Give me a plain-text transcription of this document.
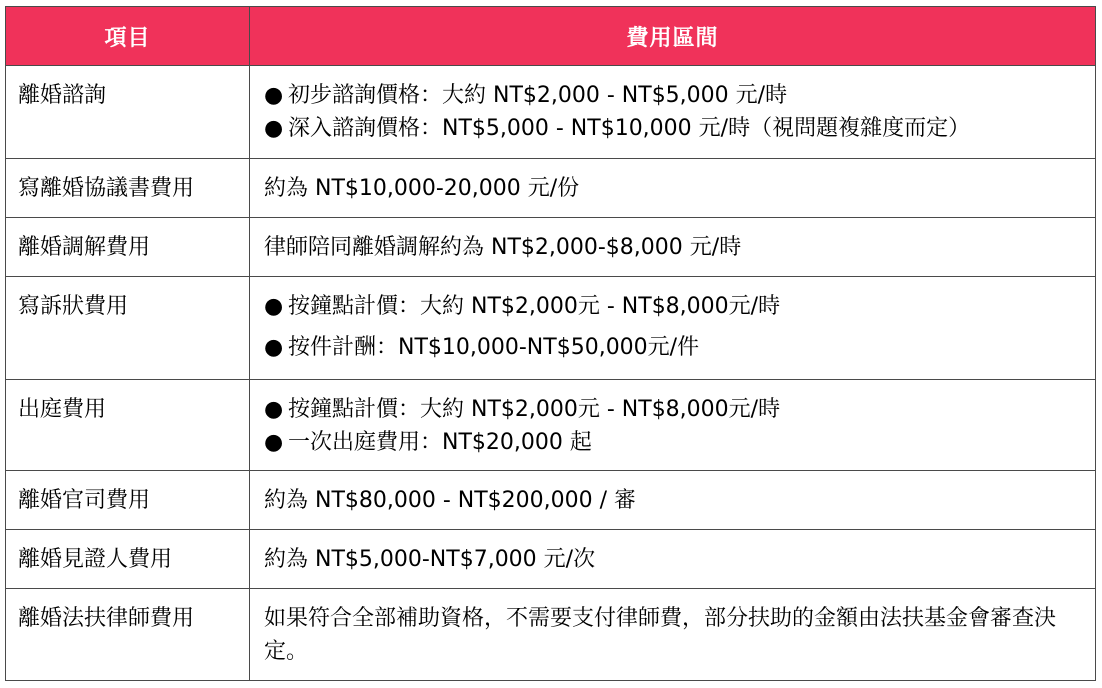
項目	費用區間
離婚諮詢	● 初步諮詢價格：大約 NT$2,000 - NT$5,000 元/時
● 深入諮詢價格：NT$5,000 - NT$10,000 元/時（視問題複雜度而定）

寫離婚協議書費用	約為 NT$10,000-20,000 元/份

離婚調解費用	律師陪同離婚調解約為 NT$2,000-$8,000 元/時

寫訴狀費用	● 按鐘點計價：大約 NT$2,000元 - NT$8,000元/時
● 按件計酬：NT$10,000-NT$50,000元/件

出庭費用	● 按鐘點計價：大約 NT$2,000元 - NT$8,000元/時
● 一次出庭費用：NT$20,000 起

離婚官司費用	約為 NT$80,000 - NT$200,000 / 審

離婚見證人費用	約為 NT$5,000-NT$7,000 元/次

離婚法扶律師費用	如果符合全部補助資格，不需要支付律師費，部分扶助的金額由法扶基金會審查決定。
